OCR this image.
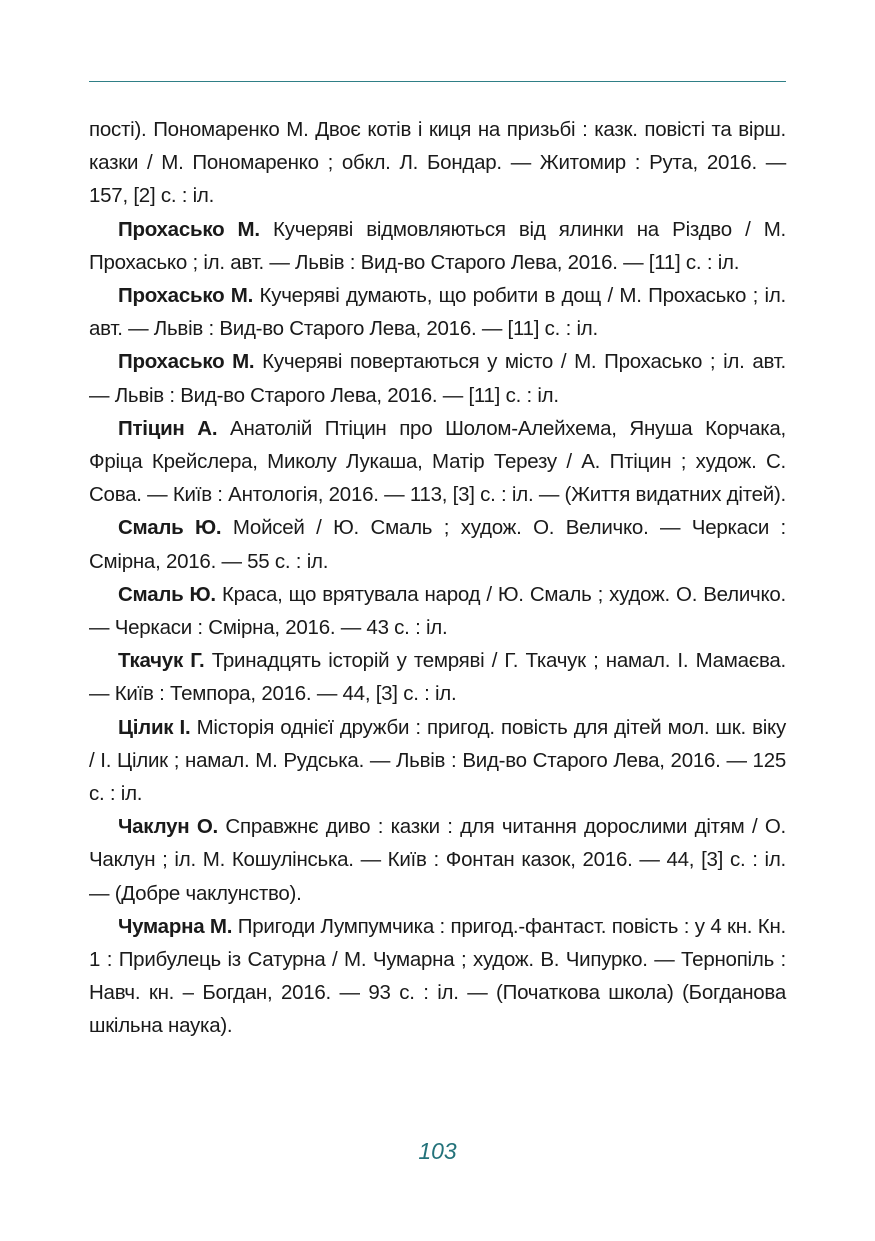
пості). Пономаренко М. Двоє котів і киця на призьбі : казк. повісті та вірш. казки / М. Пономаренко ; обкл. Л. Бондар. — Житомир : Рута, 2016. — 157, [2] с. : іл.

Прохасько М. Кучеряві відмовляються від ялинки на Різдво / М. Прохасько ; іл. авт. — Львів : Вид-во Старого Лева, 2016. — [11] с. : іл.

Прохасько М. Кучеряві думають, що робити в дощ / М. Прохасько ; іл. авт. — Львів : Вид-во Старого Лева, 2016. — [11] с. : іл.

Прохасько М. Кучеряві повертаються у місто / М. Прохасько ; іл. авт. — Львів : Вид-во Старого Лева, 2016. — [11] с. : іл.

Птіцин А. Анатолій Птіцин про Шолом-Алейхема, Януша Корчака, Фріца Крейслера, Миколу Лукаша, Матір Терезу / А. Птіцин ; худож. С. Сова. — Київ : Антологія, 2016. — 113, [3] с. : іл. — (Життя видатних дітей).

Смаль Ю. Мойсей / Ю. Смаль ; худож. О. Величко. — Черкаси : Смірна, 2016. — 55 с. : іл.

Смаль Ю. Краса, що врятувала народ / Ю. Смаль ; худож. О. Величко. — Черкаси : Смірна, 2016. — 43 с. : іл.

Ткачук Г. Тринадцять історій у темряві / Г. Ткачук ; намал. І. Мамаєва. — Київ : Темпора, 2016. — 44, [3] с. : іл.

Цілик І. Місторія однієї дружби : пригод. повість для дітей мол. шк. віку / І. Цілик ; намал. М. Рудська. — Львів : Вид-во Старого Лева, 2016. — 125 с. : іл.

Чаклун О. Справжнє диво : казки : для читання дорослими дітям / О. Чаклун ; іл. М. Кошулінська. — Київ : Фонтан казок, 2016. — 44, [3] с. : іл. — (Добре чаклунство).

Чумарна М. Пригоди Лумпумчика : пригод.-фантаст. повість : у 4 кн. Кн. 1 : Прибулець із Сатурна / М. Чумарна ; худож. В. Чипурко. — Тернопіль : Навч. кн. – Богдан, 2016. — 93 с. : іл. — (Початкова школа) (Богданова шкільна наука).

103
